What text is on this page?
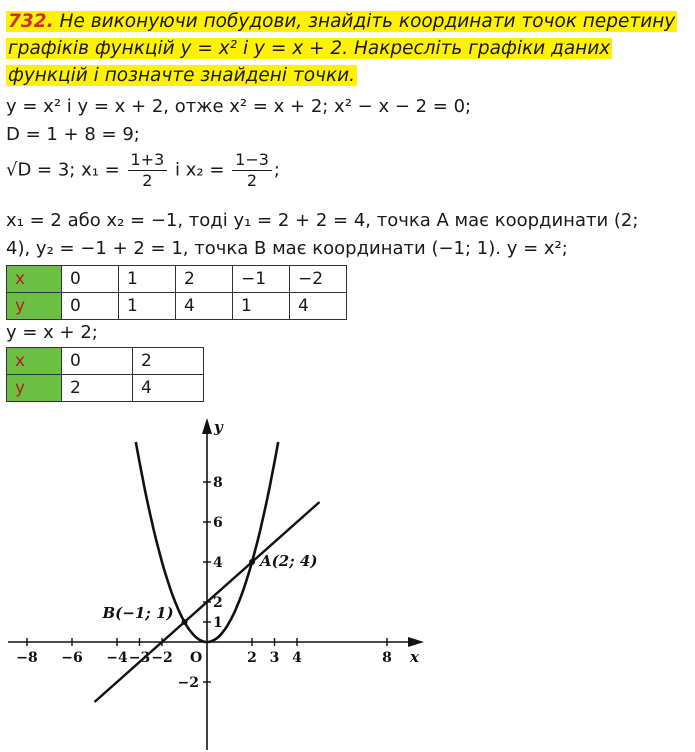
732. Не виконуючи побудови, знайдіть координати точок перетину графіків функцій y = x² і y = x + 2. Накресліть графіки даних функцій і позначте знайдені точки.
y = x² і y = x + 2, отже x² = x + 2; x² − x − 2 = 0;
D = 1 + 8 = 9;
√D = 3; $x_1 = \frac{1+3}{2}$ і $x_2 = \frac{1-3}{2}$ ;
x₁ = 2 або x₂ = −1, тоді y₁ = 2 + 2 = 4, точка А має координати (2;
4), y₂ = −1 + 2 = 1, точка В має координати (−1; 1). y = x²;
x	0	1	2	−1	−2
y	0	1	4	1	4
y = x + 2;
x	0	2
y	2	4
x
y
O
−8 −6 −4 −3 −2	2 3 4	8
8
6
4
2
1
−2
A(2; 4)
B(−1; 1)
